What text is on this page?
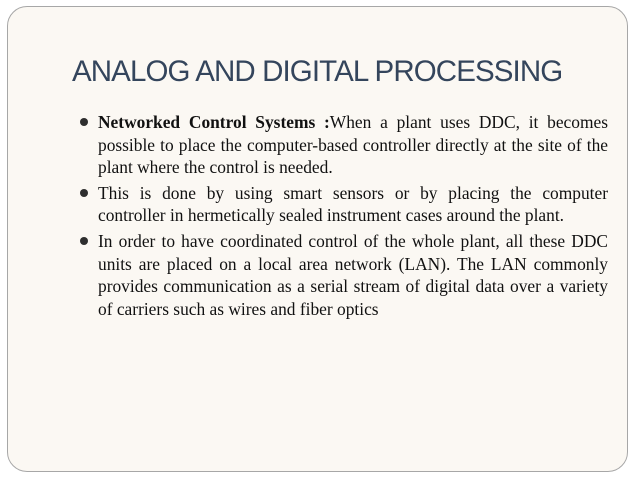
ANALOG AND DIGITAL PROCESSING
Networked Control Systems :When a plant uses DDC, it becomes possible to place the computer-based controller directly at the site of the plant where the control is needed.
This is done by using smart sensors or by placing the computer controller in hermetically sealed instrument cases around the plant.
In order to have coordinated control of the whole plant, all these DDC units are placed on a local area network (LAN). The LAN commonly provides communication as a serial stream of digital data over a variety of carriers such as wires and fiber optics
